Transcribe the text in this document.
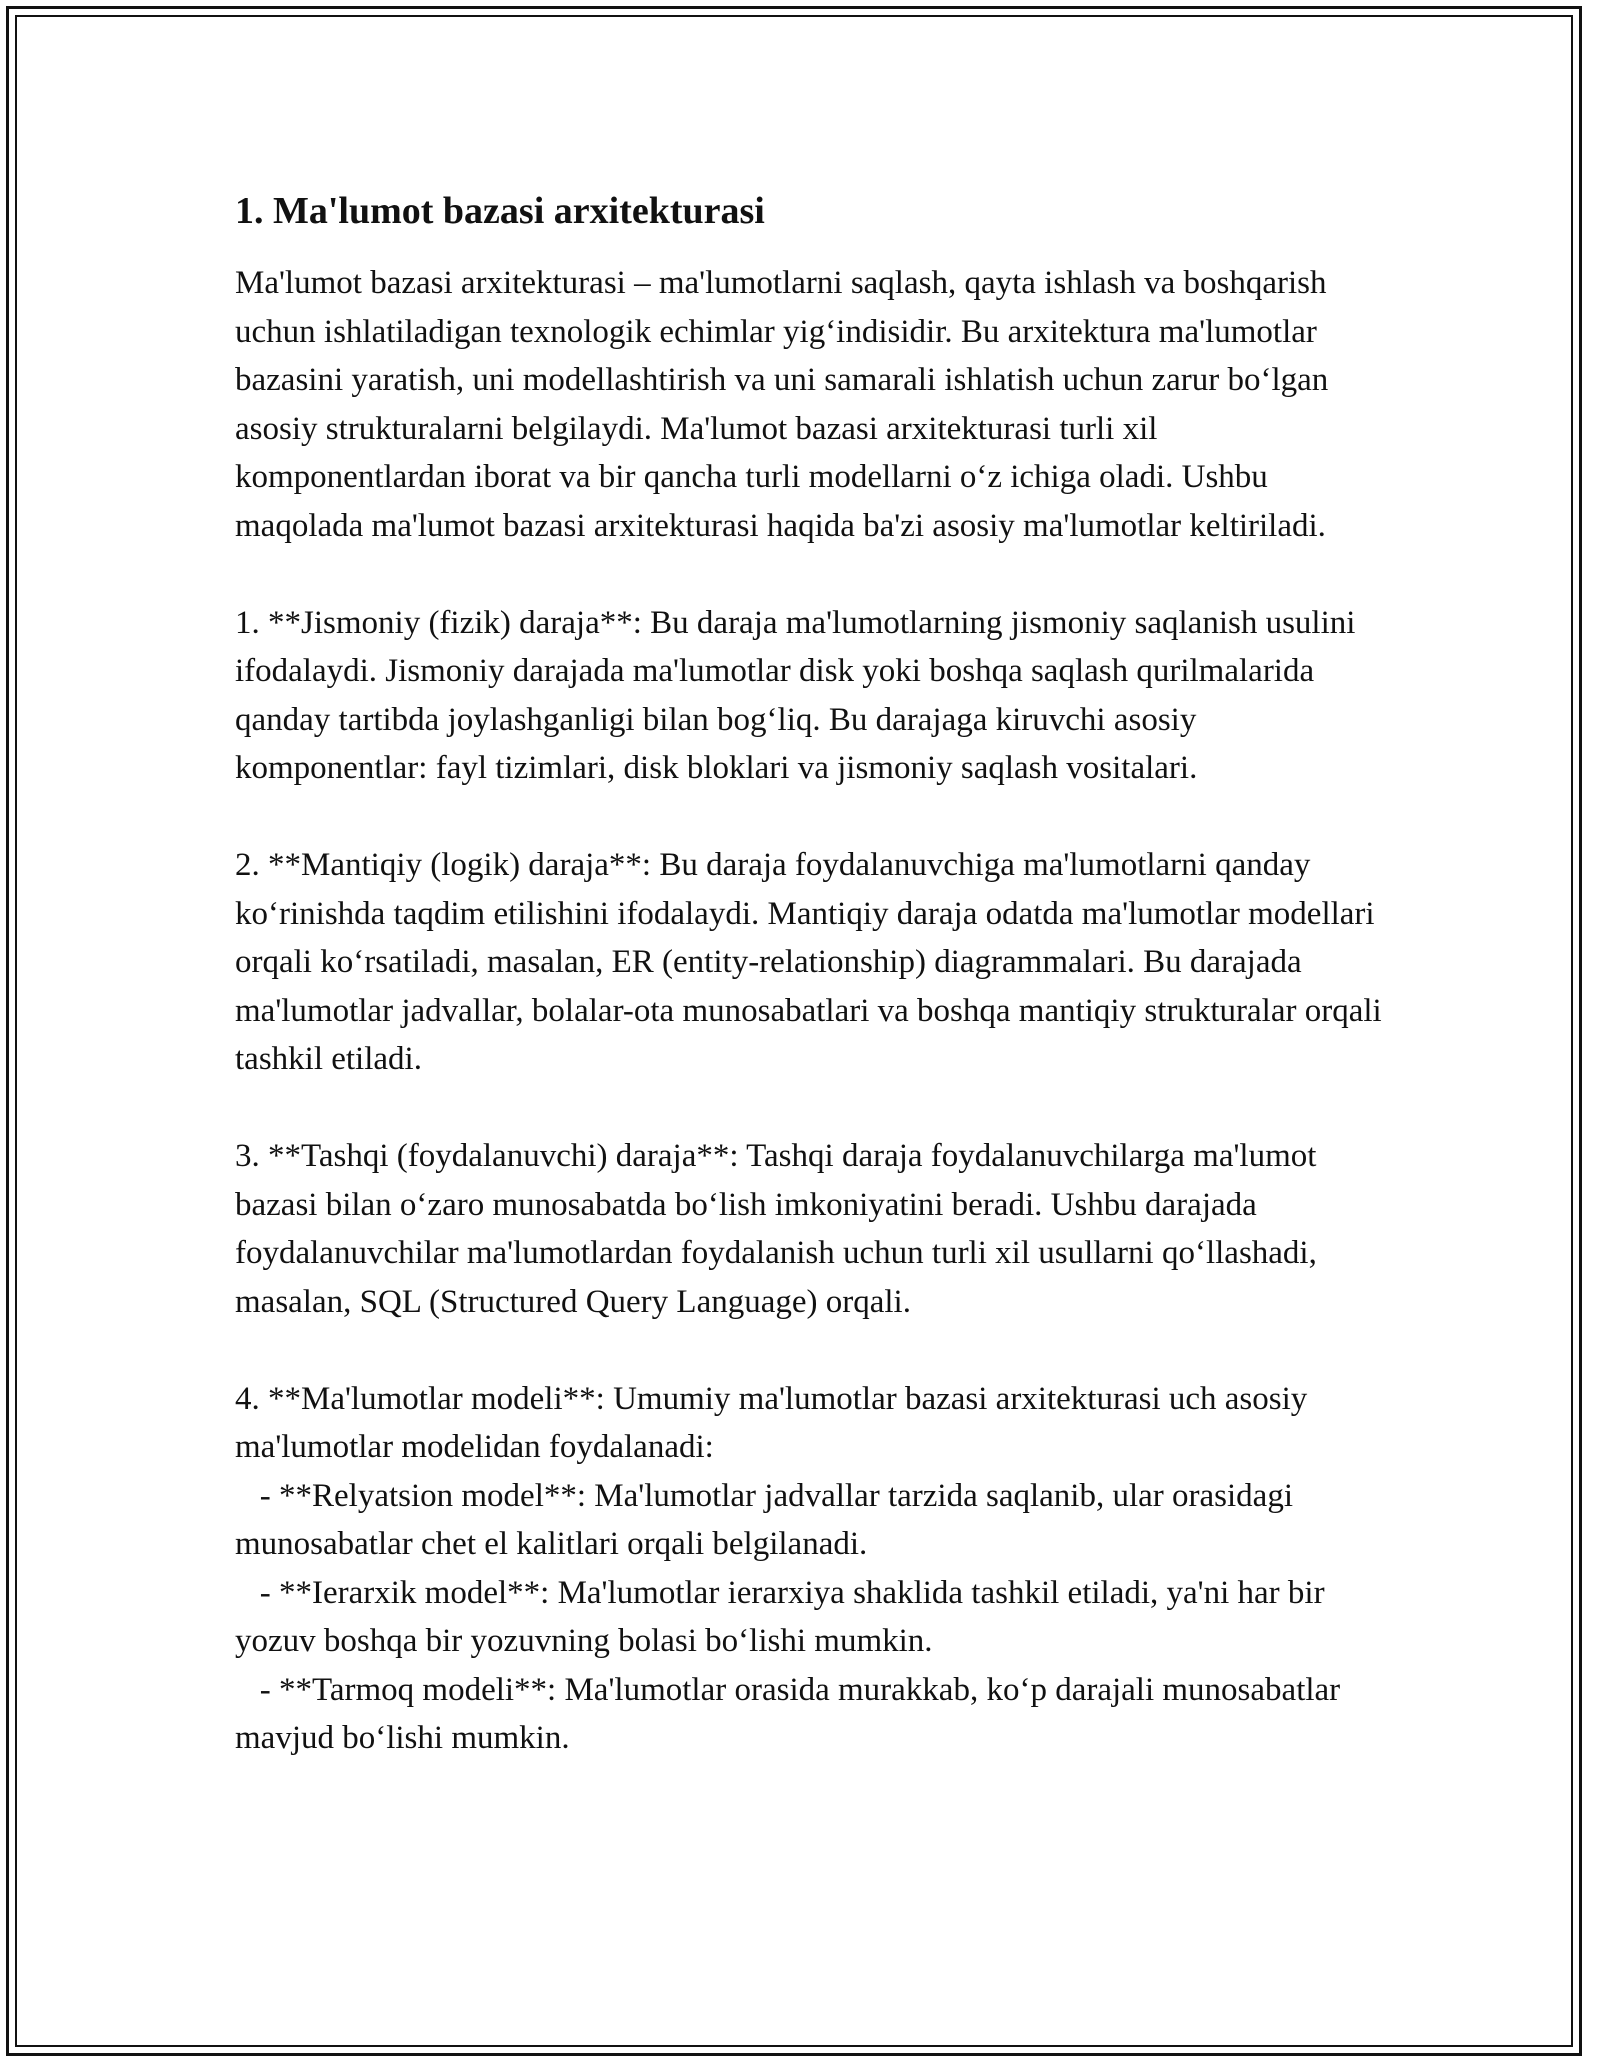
1. Ma'lumot bazasi arxitekturasi

Ma'lumot bazasi arxitekturasi – ma'lumotlarni saqlash, qayta ishlash va boshqarish uchun ishlatiladigan texnologik echimlar yig‘indisidir. Bu arxitektura ma'lumotlar bazasini yaratish, uni modellashtirish va uni samarali ishlatish uchun zarur bo‘lgan asosiy strukturalarni belgilaydi. Ma'lumot bazasi arxitekturasi turli xil komponentlardan iborat va bir qancha turli modellarni o‘z ichiga oladi. Ushbu maqolada ma'lumot bazasi arxitekturasi haqida ba'zi asosiy ma'lumotlar keltiriladi.

1. **Jismoniy (fizik) daraja**: Bu daraja ma'lumotlarning jismoniy saqlanish usulini ifodalaydi. Jismoniy darajada ma'lumotlar disk yoki boshqa saqlash qurilmalarida qanday tartibda joylashganligi bilan bog‘liq. Bu darajaga kiruvchi asosiy komponentlar: fayl tizimlari, disk bloklari va jismoniy saqlash vositalari.

2. **Mantiqiy (logik) daraja**: Bu daraja foydalanuvchiga ma'lumotlarni qanday ko‘rinishda taqdim etilishini ifodalaydi. Mantiqiy daraja odatda ma'lumotlar modellari orqali ko‘rsatiladi, masalan, ER (entity-relationship) diagrammalari. Bu darajada ma'lumotlar jadvallar, bolalar-ota munosabatlari va boshqa mantiqiy strukturalar orqali tashkil etiladi.

3. **Tashqi (foydalanuvchi) daraja**: Tashqi daraja foydalanuvchilarga ma'lumot bazasi bilan o‘zaro munosabatda bo‘lish imkoniyatini beradi. Ushbu darajada foydalanuvchilar ma'lumotlardan foydalanish uchun turli xil usullarni qo‘llashadi, masalan, SQL (Structured Query Language) orqali.

4. **Ma'lumotlar modeli**: Umumiy ma'lumotlar bazasi arxitekturasi uch asosiy ma'lumotlar modelidan foydalanadi:

- **Relyatsion model**: Ma'lumotlar jadvallar tarzida saqlanib, ular orasidagi munosabatlar chet el kalitlari orqali belgilanadi.

- **Ierarxik model**: Ma'lumotlar ierarxiya shaklida tashkil etiladi, ya'ni har bir yozuv boshqa bir yozuvning bolasi bo‘lishi mumkin.

- **Tarmoq modeli**: Ma'lumotlar orasida murakkab, ko‘p darajali munosabatlar mavjud bo‘lishi mumkin.
